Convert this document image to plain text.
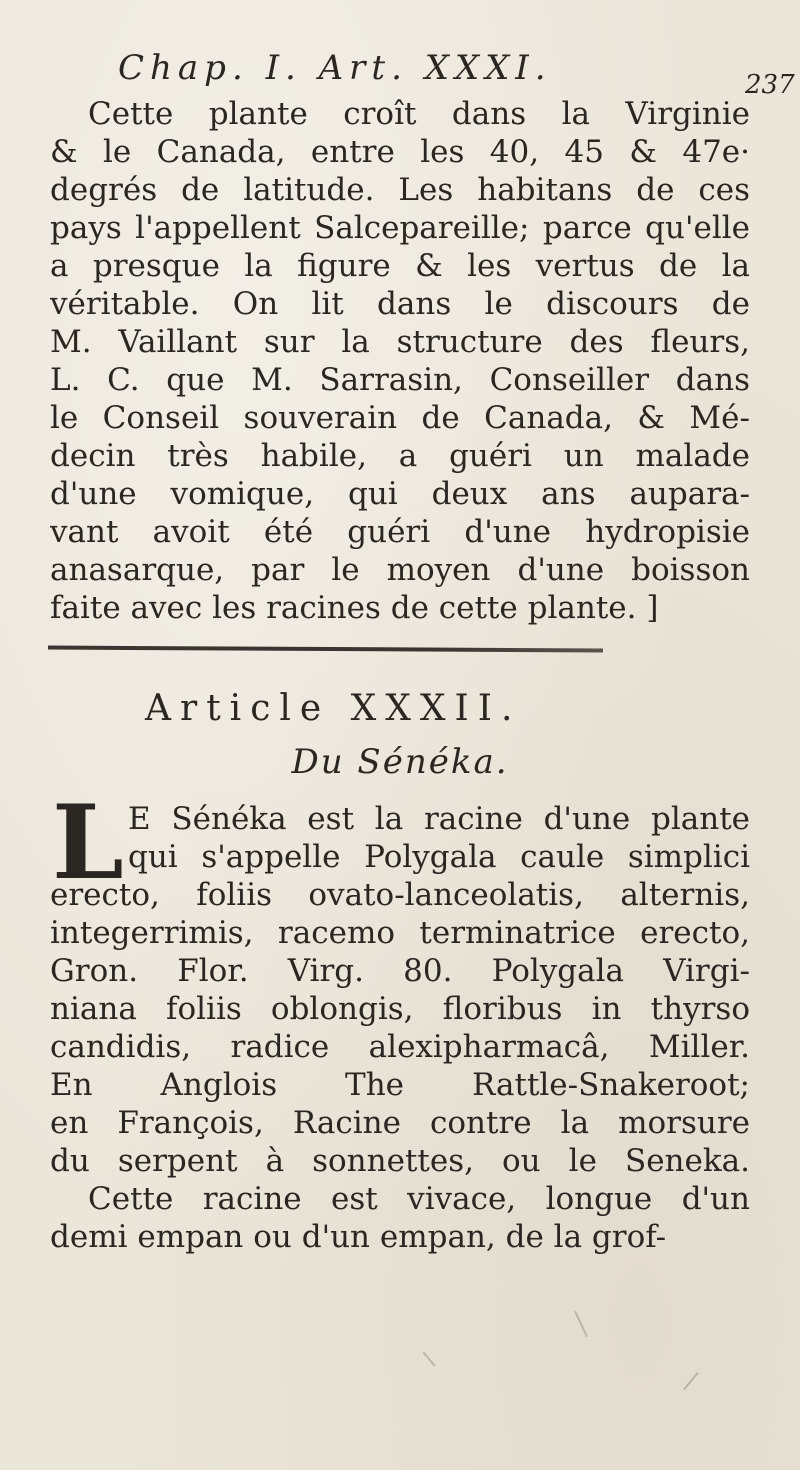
Chap. I. Art. XXXI.	237
Cette plante croît dans la Virginie
& le Canada, entre les 40, 45 & 47e·
degrés de latitude. Les habitans de ces
pays l'appellent Salcepareille; parce qu'elle
a presque la figure & les vertus de la
véritable. On lit dans le discours de
M. Vaillant sur la structure des fleurs,
L. C. que M. Sarrasin, Conseiller dans
le Conseil souverain de Canada, & Mé-
decin très habile, a guéri un malade
d'une vomique, qui deux ans aupara-
vant avoit été guéri d'une hydropisie
anasarque, par le moyen d'une boisson
faite avec les racines de cette plante. ]
Article XXXII.
Du Sénéka.
L E Sénéka est la racine d'une plante
qui s'appelle Polygala caule simplici
erecto, foliis ovato-lanceolatis, alternis,
integerrimis, racemo terminatrice erecto,
Gron. Flor. Virg. 80. Polygala Virgi-
niana foliis oblongis, floribus in thyrso
candidis, radice alexipharmacâ, Miller.
En Anglois The Rattle-Snakeroot;
en François, Racine contre la morsure
du serpent à sonnettes, ou le Seneka.
Cette racine est vivace, longue d'un
demi empan ou d'un empan, de la grof-
